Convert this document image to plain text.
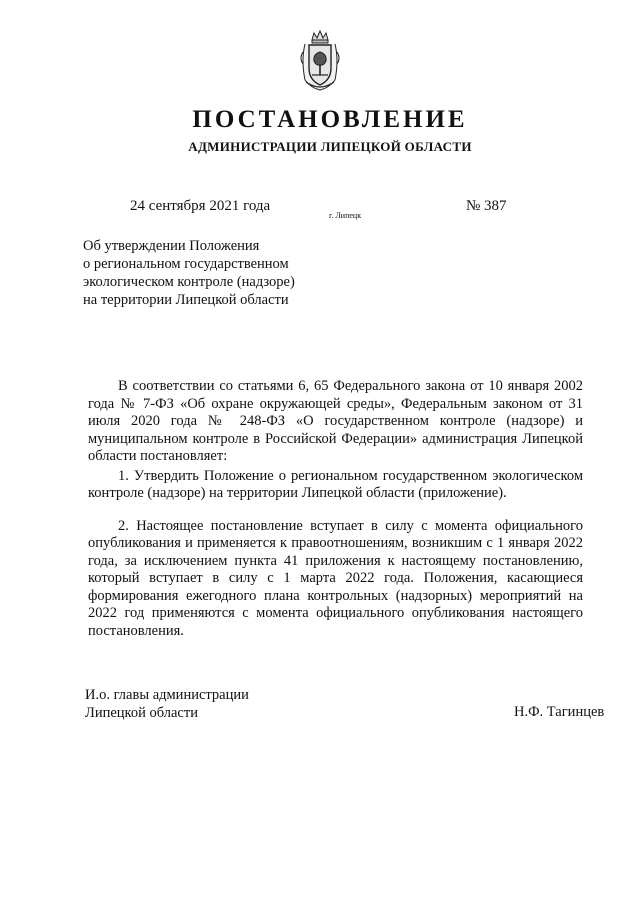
ПОСТАНОВЛЕНИЕ
АДМИНИСТРАЦИИ ЛИПЕЦКОЙ ОБЛАСТИ
24 сентября 2021 года
г. Липецк
№ 387
Об утверждении Положения
о региональном государственном
экологическом контроле (надзоре)
на территории Липецкой области

В соответствии со статьями 6, 65 Федерального закона от 10 января 2002 года № 7-ФЗ «Об охране окружающей среды», Федеральным законом от 31 июля 2020 года № 248-ФЗ «О государственном контроле (надзоре) и муниципальном контроле в Российской Федерации» администрация Липецкой области постановляет:

1. Утвердить Положение о региональном государственном экологическом контроле (надзоре) на территории Липецкой области (приложение).

2. Настоящее постановление вступает в силу с момента официального опубликования и применяется к правоотношениям, возникшим с 1 января 2022 года, за исключением пункта 41 приложения к настоящему постановлению, который вступает в силу с 1 марта 2022 года. Положения, касающиеся формирования ежегодного плана контрольных (надзорных) мероприятий на 2022 год применяются с момента официального опубликования настоящего постановления.

И.о. главы администрации
Липецкой области	Н.Ф. Тагинцев
